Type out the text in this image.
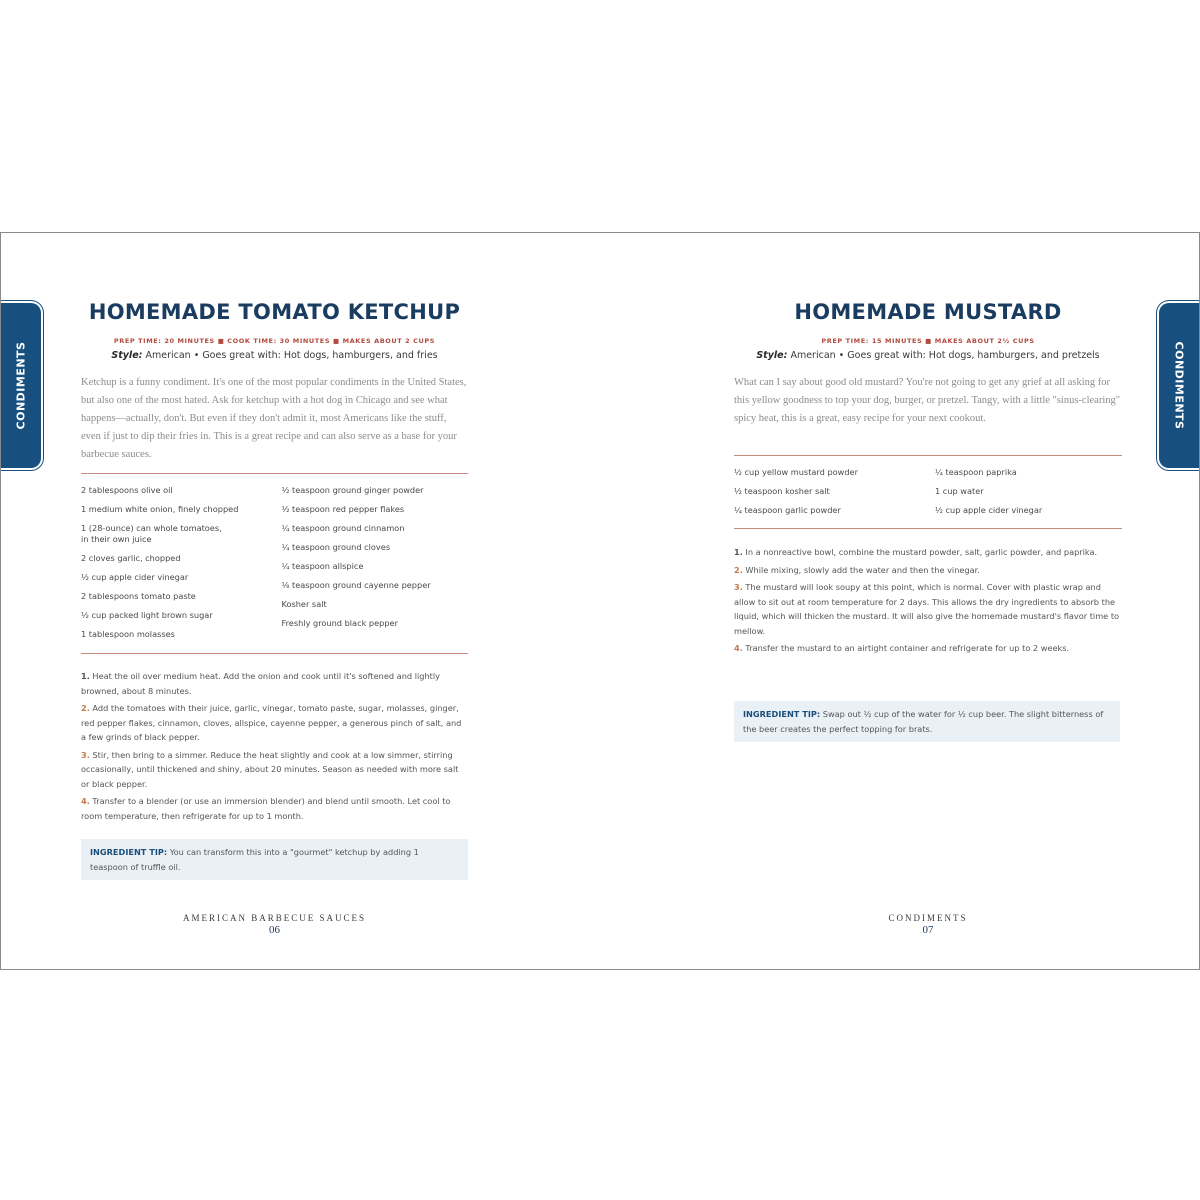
CONDIMENTS	CONDIMENTS
HOMEMADE TOMATO KETCHUP
PREP TIME: 20 MINUTES ■ COOK TIME: 30 MINUTES ■ MAKES ABOUT 2 CUPS
Style: American • Goes great with: Hot dogs, hamburgers, and fries

Ketchup is a funny condiment. It's one of the most popular condiments in the United States, but also one of the most hated. Ask for ketchup with a hot dog in Chicago and see what happens—actually, don't. But even if they don't admit it, most Americans like the stuff, even if just to dip their fries in. This is a great recipe and can also serve as a base for your barbecue sauces.

2 tablespoons olive oil
1 medium white onion, finely chopped
1 (28-ounce) can whole tomatoes, in their own juice
2 cloves garlic, chopped
½ cup apple cider vinegar
2 tablespoons tomato paste
½ cup packed light brown sugar
1 tablespoon molasses
½ teaspoon ground ginger powder
½ teaspoon red pepper flakes
¼ teaspoon ground cinnamon
¼ teaspoon ground cloves
¼ teaspoon allspice
⅛ teaspoon ground cayenne pepper
Kosher salt
Freshly ground black pepper
1. Heat the oil over medium heat. Add the onion and cook until it's softened and lightly browned, about 8 minutes.
2. Add the tomatoes with their juice, garlic, vinegar, tomato paste, sugar, molasses, ginger, red pepper flakes, cinnamon, cloves, allspice, cayenne pepper, a generous pinch of salt, and a few grinds of black pepper.
3. Stir, then bring to a simmer. Reduce the heat slightly and cook at a low simmer, stirring occasionally, until thickened and shiny, about 20 minutes. Season as needed with more salt or black pepper.
4. Transfer to a blender (or use an immersion blender) and blend until smooth. Let cool to room temperature, then refrigerate for up to 1 month.
INGREDIENT TIP: You can transform this into a "gourmet" ketchup by adding 1 teaspoon of truffle oil.
AMERICAN BARBECUE SAUCES
06
HOMEMADE MUSTARD
PREP TIME: 15 MINUTES ■ MAKES ABOUT 2½ CUPS
Style: American • Goes great with: Hot dogs, hamburgers, and pretzels

What can I say about good old mustard? You're not going to get any grief at all asking for this yellow goodness to top your dog, burger, or pretzel. Tangy, with a little "sinus-clearing" spicy heat, this is a great, easy recipe for your next cookout.

½ cup yellow mustard powder
½ teaspoon kosher salt
¼ teaspoon garlic powder
¼ teaspoon paprika
1 cup water
½ cup apple cider vinegar
1. In a nonreactive bowl, combine the mustard powder, salt, garlic powder, and paprika.
2. While mixing, slowly add the water and then the vinegar.
3. The mustard will look soupy at this point, which is normal. Cover with plastic wrap and allow to sit out at room temperature for 2 days. This allows the dry ingredients to absorb the liquid, which will thicken the mustard. It will also give the homemade mustard's flavor time to mellow.
4. Transfer the mustard to an airtight container and refrigerate for up to 2 weeks.
INGREDIENT TIP: Swap out ½ cup of the water for ½ cup beer. The slight bitterness of the beer creates the perfect topping for brats.
CONDIMENTS
07
